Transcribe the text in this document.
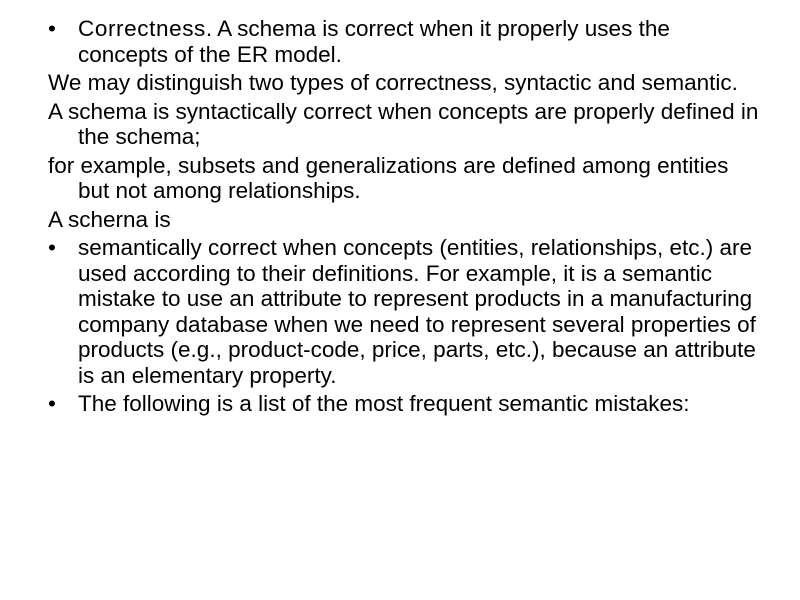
• Correctness. A schema is correct when it properly uses the concepts of the ER model.

We may distinguish two types of correctness, syntactic and semantic.

A schema is syntactically correct when concepts are properly defined in the schema;

for example, subsets and generalizations are defined among entities but not among relationships.

A scherna is

• semantically correct when concepts (entities, relationships, etc.) are used according to their definitions. For example, it is a semantic mistake to use an attribute to represent products in a manufacturing company database when we need to represent several properties of products (e.g., product-code, price, parts, etc.), because an attribute is an elementary property.

• The following is a list of the most frequent semantic mistakes:
